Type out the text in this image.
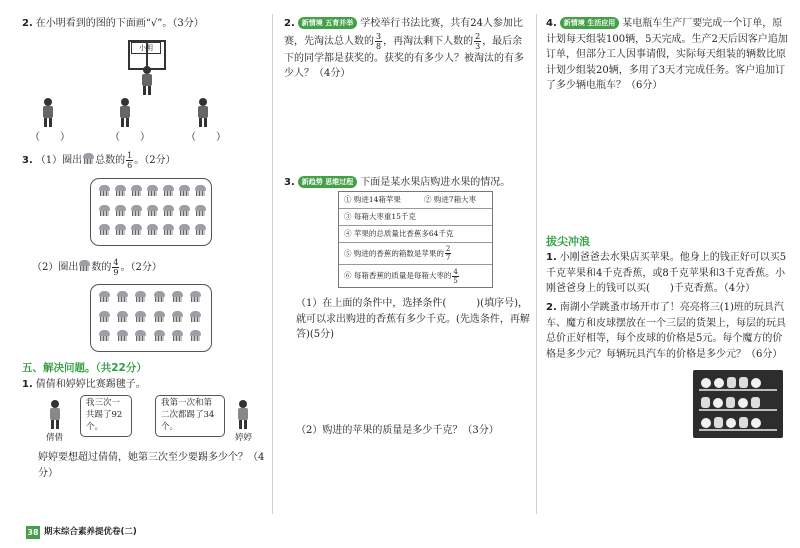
2. 在小明看到的图的下面画“√”。（3分）
小明
（　　）	（　　）	（　　）
3. （1）圈出 总数的 $\frac{1}{6}$ 。（2分）
（2）圈出 数的 $\frac{4}{9}$ 。（2分）
五、解决问题。（共22分）
1. 倩倩和婷婷比赛踢毽子。
我三次一共踢了92个。
我第一次和第二次都踢了34个。
倩倩	婷婷
婷婷要想超过倩倩，她第三次至少要踢多少个？（4分）
2. 新情境 五育并举 学校举行书法比赛，共有24人参加比赛，先淘汰总人数的 $\frac{3}{8}$ ，再淘汰剩下人数的 $\frac{2}{3}$ ，最后余下的同学都是获奖的。获奖的有多少人？被淘汰的有多少人？（4分）
3. 新趋势 思维过程 下面是某水果店购进水果的情况。
① 购进14箱苹果	② 购进7箱大枣
③ 每箱大枣重15千克
④ 苹果的总质量比香蕉多64千克
⑤ 购进的香蕉的箱数是苹果的 $\frac{2}{7}$
⑥ 每箱香蕉的质量是每箱大枣的 $\frac{4}{5}$
（1）在上面的条件中，选择条件(　　　)(填序号)，就可以求出购进的香蕉有多少千克。(先选条件，再解答)(5分)
（2）购进的苹果的质量是多少千克？（3分）
4. 新情境 生活应用 某电瓶车生产厂要完成一个订单，原计划每天组装100辆，5天完成。生产2天后因客户追加订单，但部分工人因事请假，实际每天组装的辆数比原计划少组装20辆，多用了3天才完成任务。客户追加订了多少辆电瓶车？（6分）
拔尖冲浪
1. 小刚爸爸去水果店买苹果。他身上的钱正好可以买5千克苹果和4千克香蕉，或8千克苹果和3千克香蕉。小刚爸爸身上的钱可以买(　　)千克香蕉。（4分）
2. 南湖小学跳蚤市场开市了！亮亮将三(1)班的玩具汽车、魔方和皮球摆放在一个三层的货架上，每层的玩具总价正好相等，每个皮球的价格是5元。每个魔方的价格是多少元？每辆玩具汽车的价格是多少元？（6分）
38 期末综合素养提优卷(二)
